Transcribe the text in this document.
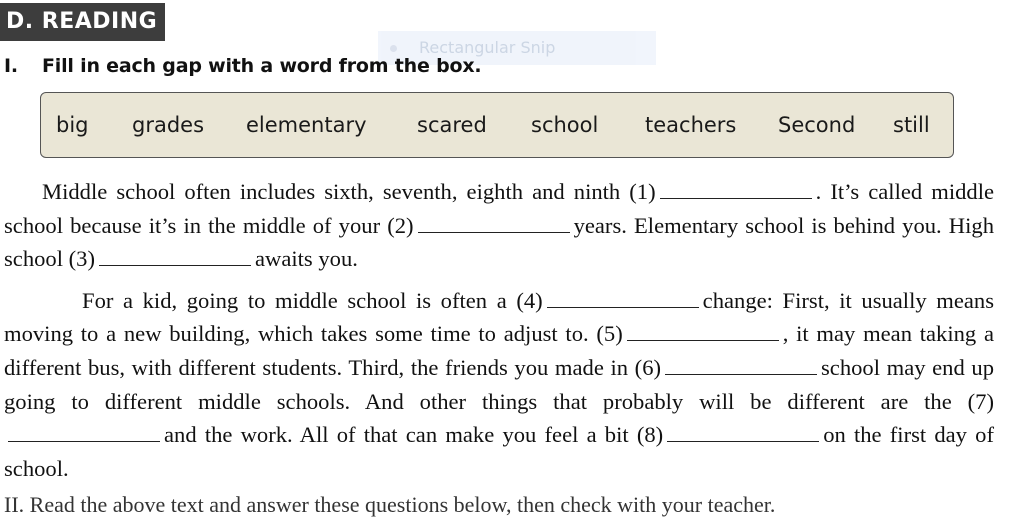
D. READING
Rectangular Snip
I. Fill in each gap with a word from the box.
big grades elementary scared school teachers Second still

Middle school often includes sixth, seventh, eighth and ninth (1)	. It’s called middle school because it’s in the middle of your (2)	years. Elementary school is behind you. High school (3)	awaits you.

For a kid, going to middle school is often a (4)	change: First, it usually means moving to a new building, which takes some time to adjust to. (5)	, it may mean taking a different bus, with different students. Third, the friends you made in (6)	school may end up going to different middle schools. And other things that probably will be different are the (7)and the work. All of that can make you feel a bit (8)	on the first day of school.

II. Read the above text and answer these questions below, then check with your teacher.
